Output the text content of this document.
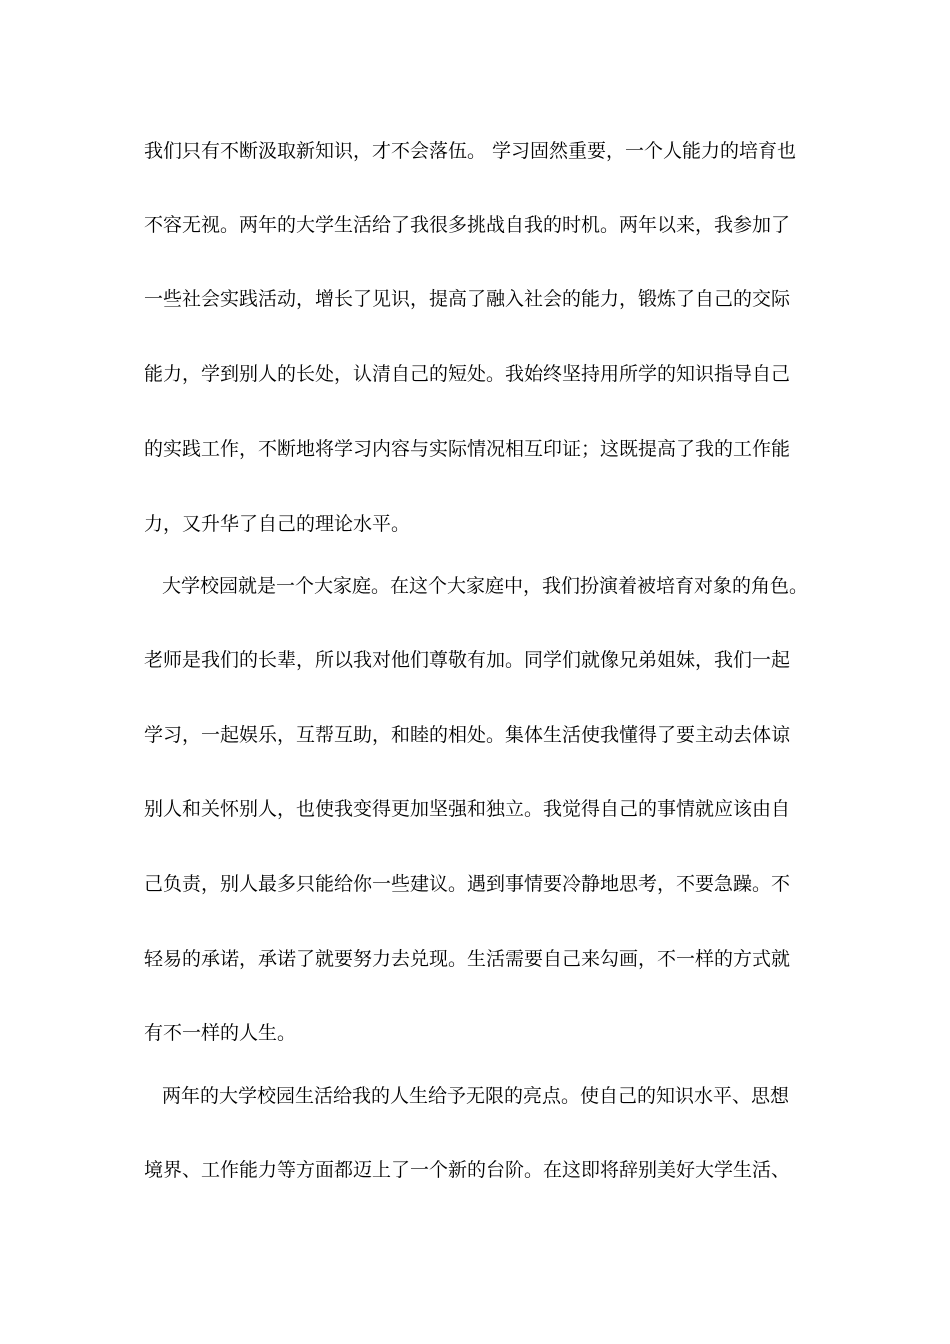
我们只有不断汲取新知识，才不会落伍。 学习固然重要，一个人能力的培育也
不容无视。两年的大学生活给了我很多挑战自我的时机。两年以来，我参加了
一些社会实践活动，增长了见识，提高了融入社会的能力，锻炼了自己的交际
能力，学到别人的长处，认清自己的短处。我始终坚持用所学的知识指导自己
的实践工作，不断地将学习内容与实际情况相互印证；这既提高了我的工作能
力，又升华了自己的理论水平。
大学校园就是一个大家庭。在这个大家庭中，我们扮演着被培育对象的角色。
老师是我们的长辈，所以我对他们尊敬有加。同学们就像兄弟姐妹，我们一起
学习，一起娱乐，互帮互助，和睦的相处。集体生活使我懂得了要主动去体谅
别人和关怀别人，也使我变得更加坚强和独立。我觉得自己的事情就应该由自
己负责，别人最多只能给你一些建议。遇到事情要冷静地思考，不要急躁。不
轻易的承诺，承诺了就要努力去兑现。生活需要自己来勾画，不一样的方式就
有不一样的人生。
两年的大学校园生活给我的人生给予无限的亮点。使自己的知识水平、思想
境界、工作能力等方面都迈上了一个新的台阶。在这即将辞别美好大学生活、
